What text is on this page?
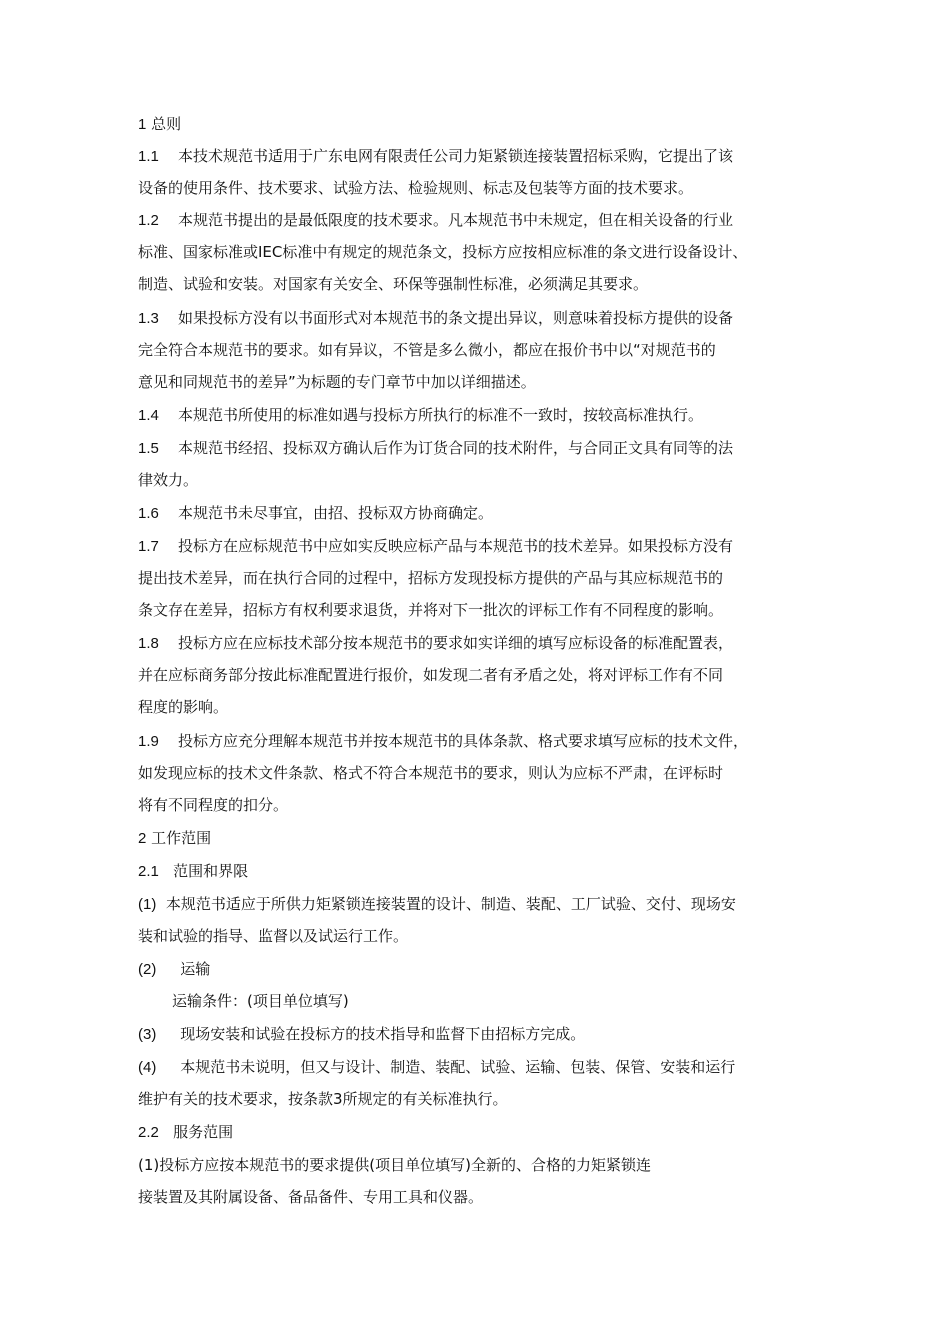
1 总则
1.1 本技术规范书适用于广东电网有限责任公司力矩紧锁连接装置招标采购，它提出了该
设备的使用条件、技术要求、试验方法、检验规则、标志及包装等方面的技术要求。
1.2 本规范书提出的是最低限度的技术要求。凡本规范书中未规定，但在相关设备的行业
标准、国家标准或IEC标准中有规定的规范条文，投标方应按相应标准的条文进行设备设计、
制造、试验和安装。对国家有关安全、环保等强制性标准，必须满足其要求。
1.3 如果投标方没有以书面形式对本规范书的条文提出异议，则意味着投标方提供的设备
完全符合本规范书的要求。如有异议，不管是多么微小，都应在报价书中以“对规范书的
意见和同规范书的差异”为标题的专门章节中加以详细描述。
1.4 本规范书所使用的标准如遇与投标方所执行的标准不一致时，按较高标准执行。
1.5 本规范书经招、投标双方确认后作为订货合同的技术附件，与合同正文具有同等的法
律效力。
1.6 本规范书未尽事宜，由招、投标双方协商确定。
1.7 投标方在应标规范书中应如实反映应标产品与本规范书的技术差异。如果投标方没有
提出技术差异，而在执行合同的过程中，招标方发现投标方提供的产品与其应标规范书的
条文存在差异，招标方有权利要求退货，并将对下一批次的评标工作有不同程度的影响。
1.8 投标方应在应标技术部分按本规范书的要求如实详细的填写应标设备的标准配置表，
并在应标商务部分按此标准配置进行报价，如发现二者有矛盾之处，将对评标工作有不同
程度的影响。
1.9 投标方应充分理解本规范书并按本规范书的具体条款、格式要求填写应标的技术文件，
如发现应标的技术文件条款、格式不符合本规范书的要求，则认为应标不严肃，在评标时
将有不同程度的扣分。
2 工作范围
2.1 范围和界限
(1) 本规范书适应于所供力矩紧锁连接装置的设计、制造、装配、工厂试验、交付、现场安
装和试验的指导、监督以及试运行工作。
(2) 运输
运输条件：(项目单位填写)
(3) 现场安装和试验在投标方的技术指导和监督下由招标方完成。
(4) 本规范书未说明，但又与设计、制造、装配、试验、运输、包装、保管、安装和运行
维护有关的技术要求，按条款3所规定的有关标准执行。
2.2 服务范围
(1)投标方应按本规范书的要求提供(项目单位填写)全新的、合格的力矩紧锁连
接装置及其附属设备、备品备件、专用工具和仪器。
